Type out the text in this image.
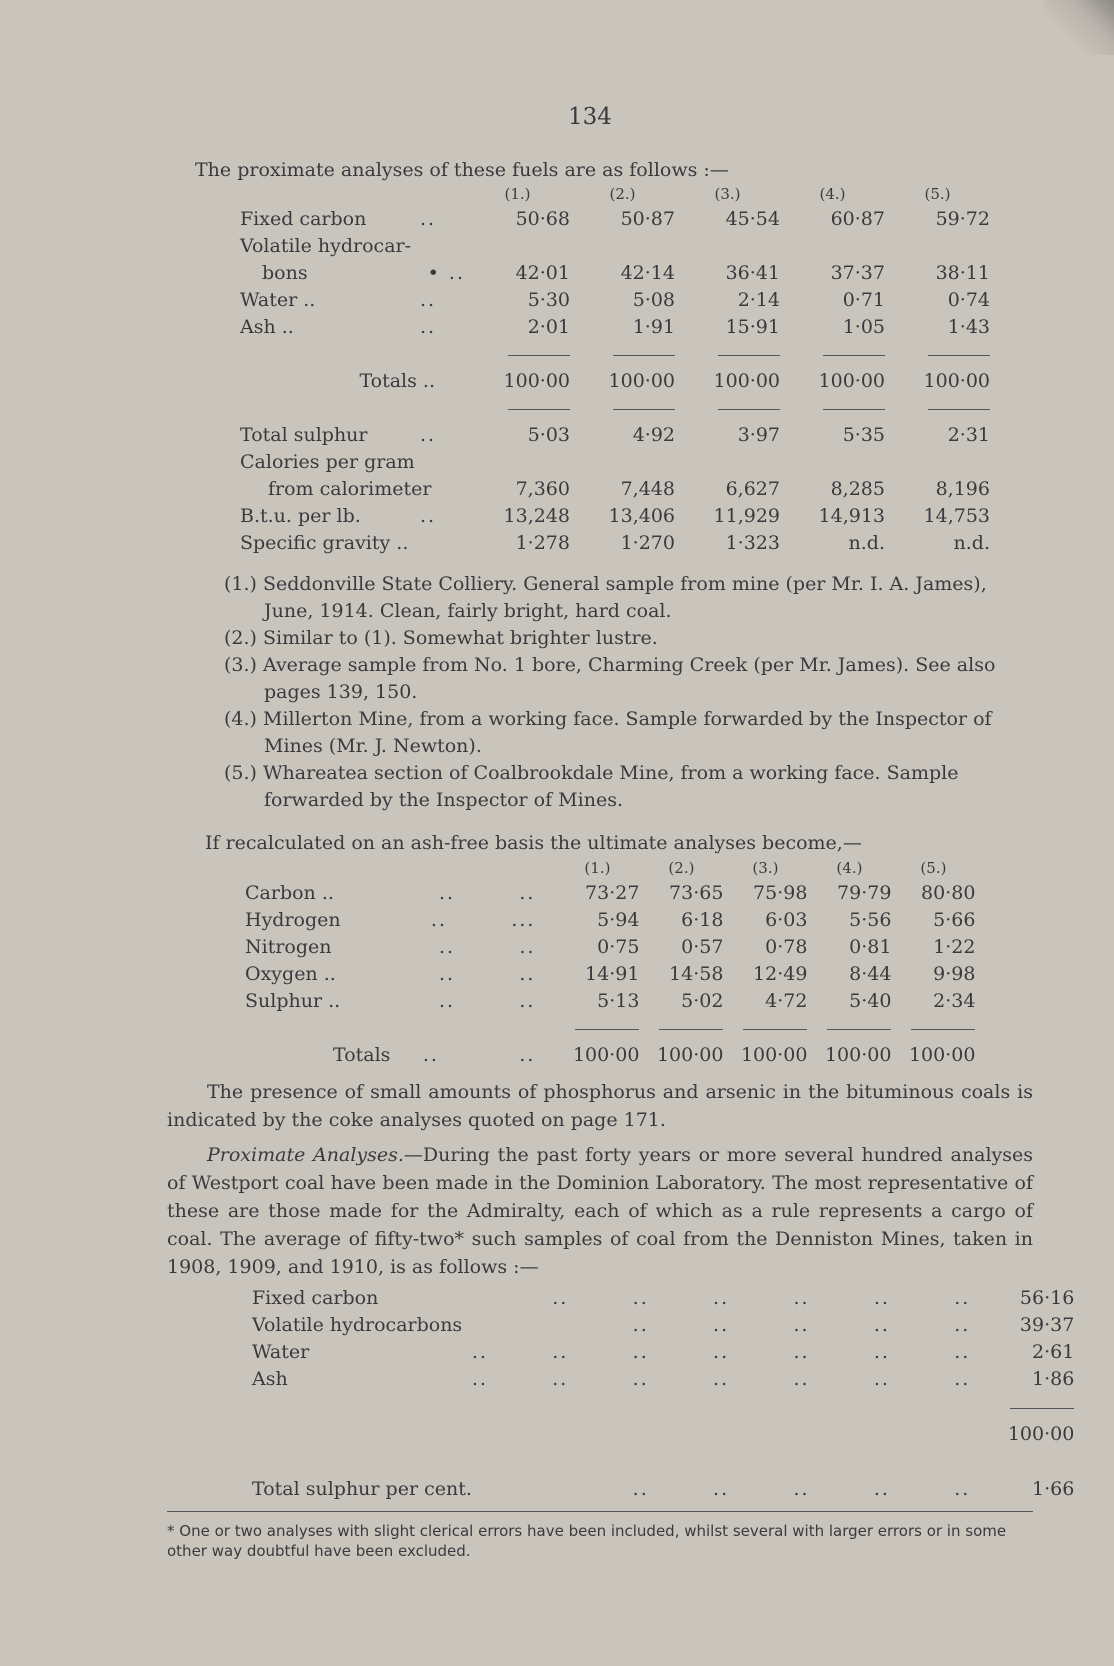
134
The proximate analyses of these fuels are as follows :—
		(1.)	(2.)	(3.)	(4.)	(5.)
Fixed carbon	..	50·68	50·87	45·54	60·87	59·72
Volatile hydrocar-						
bons	• ..	42·01	42·14	36·41	37·37	38·11
Water ..	..	5·30	5·08	2·14	0·71	0·74
Ash ..	..	2·01	1·91	15·91	1·05	1·43

Totals ..		100·00	100·00	100·00	100·00	100·00

Total sulphur	..	5·03	4·92	3·97	5·35	2·31
Calories per gram						
from calorimeter		7,360	7,448	6,627	8,285	8,196
B.t.u. per lb.	..	13,248	13,406	11,929	14,913	14,753
Specific gravity ..		1·278	1·270	1·323	n.d.	n.d.

(1.) Seddonville State Colliery. General sample from mine (per Mr. I. A. James), June, 1914. Clean, fairly bright, hard coal.

(2.) Similar to (1). Somewhat brighter lustre.

(3.) Average sample from No. 1 bore, Charming Creek (per Mr. James). See also pages 139, 150.

(4.) Millerton Mine, from a working face. Sample forwarded by the Inspector of Mines (Mr. J. Newton).

(5.) Whareatea section of Coalbrookdale Mine, from a working face. Sample forwarded by the Inspector of Mines.

If recalculated on an ash-free basis the ultimate analyses become,—
		(1.)	(2.)	(3.)	(4.)	(5.)
Carbon ..	..        ..	73·27	73·65	75·98	79·79	80·80
Hydrogen	..        ...	5·94	6·18	6·03	5·56	5·66
Nitrogen	..        ..	0·75	0·57	0·78	0·81	1·22
Oxygen ..	..        ..	14·91	14·58	12·49	8·44	9·98
Sulphur ..	..        ..	5·13	5·02	4·72	5·40	2·34

Totals	..          ..	100·00	100·00	100·00	100·00	100·00
The presence of small amounts of phosphorus and arsenic in the bituminous coals is indicated by the coke analyses quoted on page 171.
Proximate Analyses.—During the past forty years or more several hundred analyses of Westport coal have been made in the Dominion Laboratory. The most representative of these are those made for the Admiralty, each of which as a rule represents a cargo of coal. The average of fifty-two* such samples of coal from the Denniston Mines, taken in 1908, 1909, and 1910, is as follows :—
Fixed carbon	..        ..        ..        ..        ..        ..	56·16
Volatile hydrocarbons	..        ..        ..        ..        ..	39·37
Water	..        ..        ..        ..        ..        ..        ..	2·61
Ash	..        ..        ..        ..        ..        ..        ..	1·86

		100·00

Total sulphur per cent.	..        ..        ..        ..        ..	1·66
* One or two analyses with slight clerical errors have been included, whilst several with larger errors or in some other way doubtful have been excluded.
